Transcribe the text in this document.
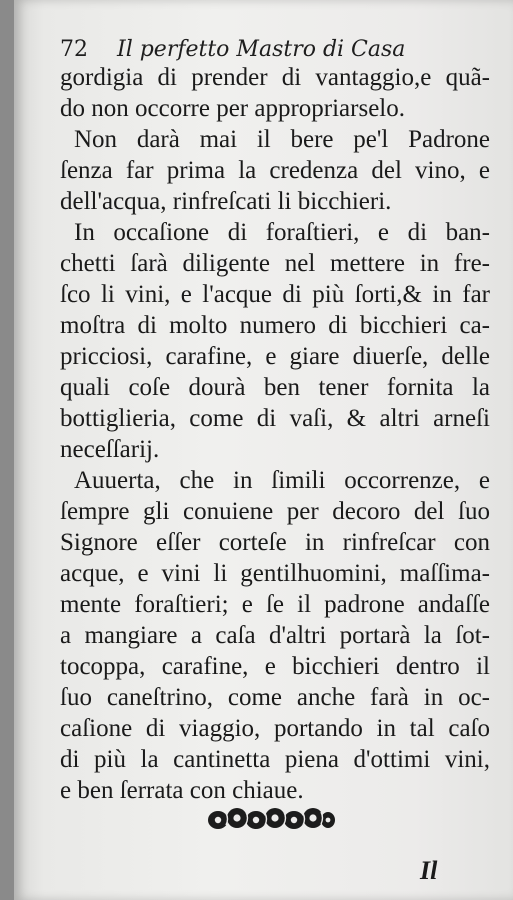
72 Il perfetto Mastro di Casa
gordigia di prender di vantaggio,e quã-
do non occorre per appropriarselo.
Non darà mai il bere pe'l Padrone
ſenza far prima la credenza del vino, e
dell'acqua, rinfreſcati li bicchieri.
In occaſione di foraſtieri, e di ban-
chetti ſarà diligente nel mettere in fre-
ſco li vini, e l'acque di più ſorti,& in far
moſtra di molto numero di bicchieri ca-
pricciosi, carafine, e giare diuerſe, delle
quali coſe dourà ben tener fornita la
bottiglieria, come di vaſi, & altri arneſi
neceſſarij.
Auuerta, che in ſimili occorrenze, e
ſempre gli conuiene per decoro del ſuo
Signore eſſer corteſe in rinfreſcar con
acque, e vini li gentilhuomini, maſſima-
mente foraſtieri; e ſe il padrone andaſſe
a mangiare a caſa d'altri portarà la ſot-
tocoppa, carafine, e bicchieri dentro il
ſuo caneſtrino, come anche farà in oc-
caſione di viaggio, portando in tal caſo
di più la cantinetta piena d'ottimi vini,
e ben ſerrata con chiaue.
Il
